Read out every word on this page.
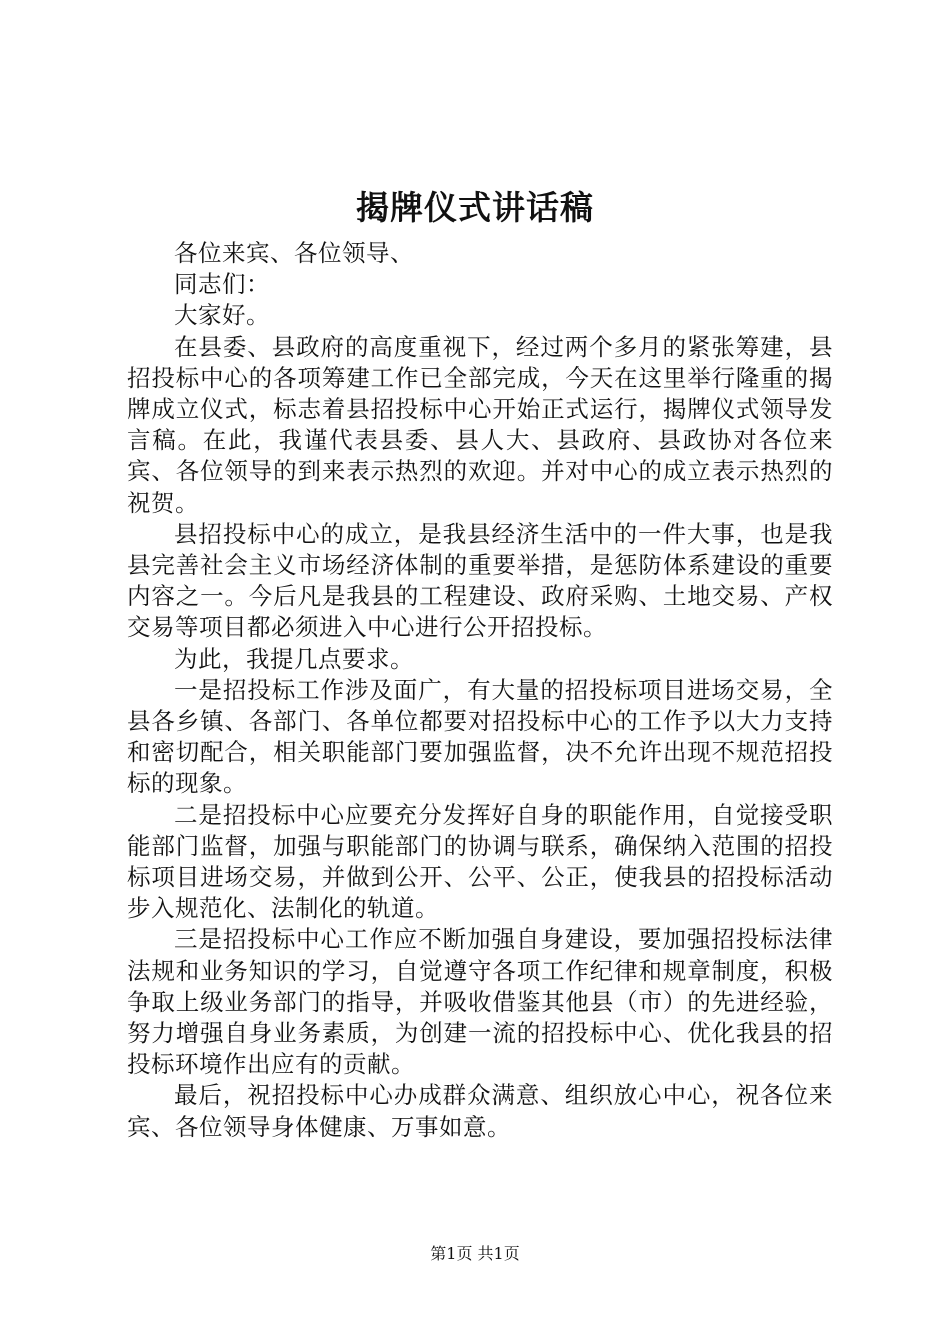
揭牌仪式讲话稿

各位来宾、各位领导、

同志们：

大家好。

在县委、县政府的高度重视下，经过两个多月的紧张筹建，县招投标中心的各项筹建工作已全部完成，今天在这里举行隆重的揭牌成立仪式，标志着县招投标中心开始正式运行，揭牌仪式领导发言稿。在此，我谨代表县委、县人大、县政府、县政协对各位来宾、各位领导的到来表示热烈的欢迎。并对中心的成立表示热烈的祝贺。

县招投标中心的成立，是我县经济生活中的一件大事，也是我县完善社会主义市场经济体制的重要举措，是惩防体系建设的重要内容之一。今后凡是我县的工程建设、政府采购、土地交易、产权交易等项目都必须进入中心进行公开招投标。

为此，我提几点要求。

一是招投标工作涉及面广，有大量的招投标项目进场交易，全县各乡镇、各部门、各单位都要对招投标中心的工作予以大力支持和密切配合，相关职能部门要加强监督，决不允许出现不规范招投标的现象。

二是招投标中心应要充分发挥好自身的职能作用，自觉接受职能部门监督，加强与职能部门的协调与联系，确保纳入范围的招投标项目进场交易，并做到公开、公平、公正，使我县的招投标活动步入规范化、法制化的轨道。

三是招投标中心工作应不断加强自身建设，要加强招投标法律法规和业务知识的学习，自觉遵守各项工作纪律和规章制度，积极争取上级业务部门的指导，并吸收借鉴其他县（市）的先进经验，努力增强自身业务素质，为创建一流的招投标中心、优化我县的招投标环境作出应有的贡献。

最后，祝招投标中心办成群众满意、组织放心中心，祝各位来宾、各位领导身体健康、万事如意。

第1页 共1页
